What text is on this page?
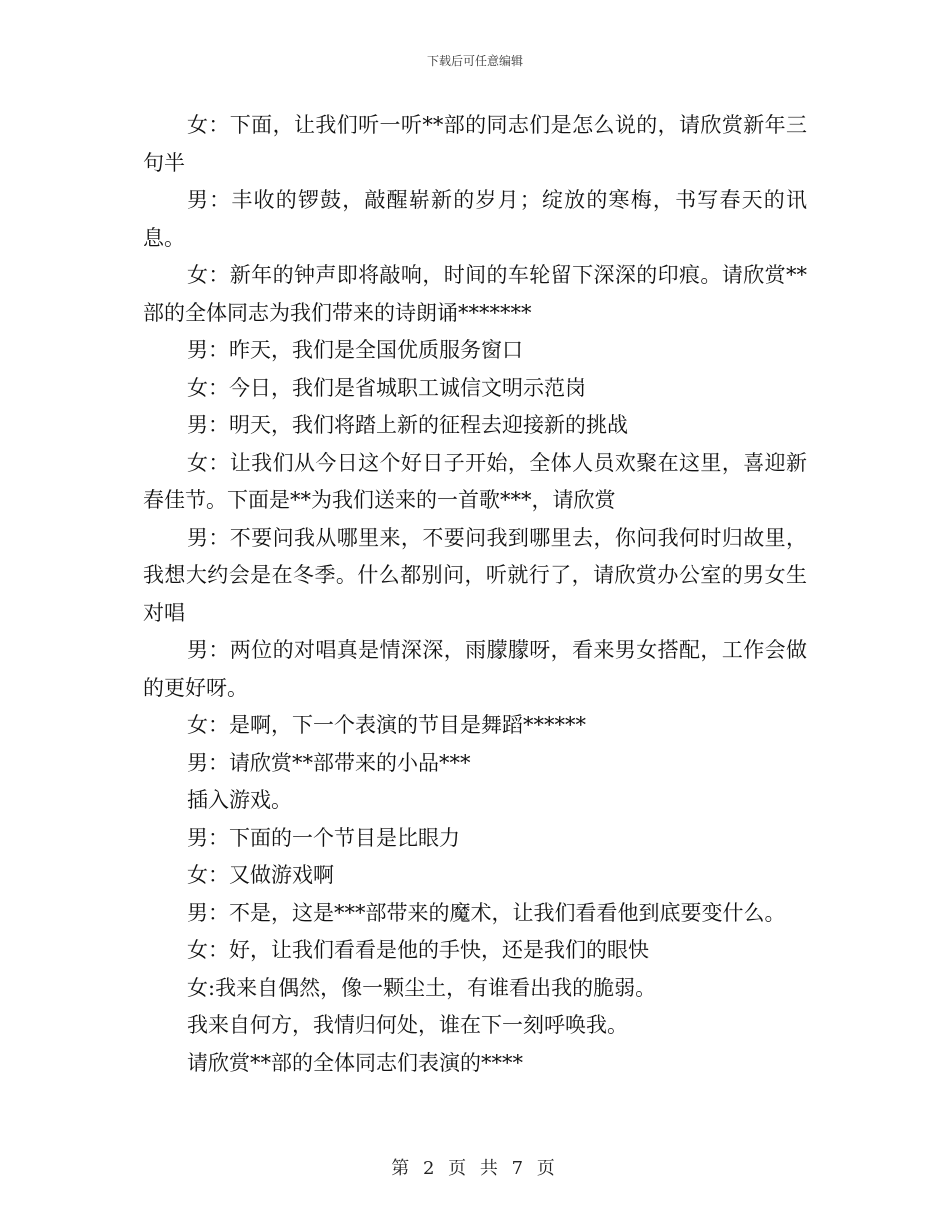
下载后可任意编辑

女：下面，让我们听一听**部的同志们是怎么说的，请欣赏新年三句半

男：丰收的锣鼓，敲醒崭新的岁月；绽放的寒梅，书写春天的讯息。

女：新年的钟声即将敲响，时间的车轮留下深深的印痕。请欣赏**部的全体同志为我们带来的诗朗诵*******

男：昨天，我们是全国优质服务窗口

女：今日，我们是省城职工诚信文明示范岗

男：明天，我们将踏上新的征程去迎接新的挑战

女：让我们从今日这个好日子开始，全体人员欢聚在这里，喜迎新春佳节。下面是**为我们送来的一首歌***，请欣赏

男：不要问我从哪里来，不要问我到哪里去，你问我何时归故里，我想大约会是在冬季。什么都别问，听就行了，请欣赏办公室的男女生对唱

男：两位的对唱真是情深深，雨朦朦呀，看来男女搭配，工作会做的更好呀。

女：是啊，下一个表演的节目是舞蹈******

男：请欣赏**部带来的小品***

插入游戏。

男：下面的一个节目是比眼力

女：又做游戏啊

男：不是，这是***部带来的魔术，让我们看看他到底要变什么。

女：好，让我们看看是他的手快，还是我们的眼快

女:我来自偶然，像一颗尘土，有谁看出我的脆弱。

我来自何方，我情归何处，谁在下一刻呼唤我。

请欣赏**部的全体同志们表演的****

第 2 页 共 7 页
